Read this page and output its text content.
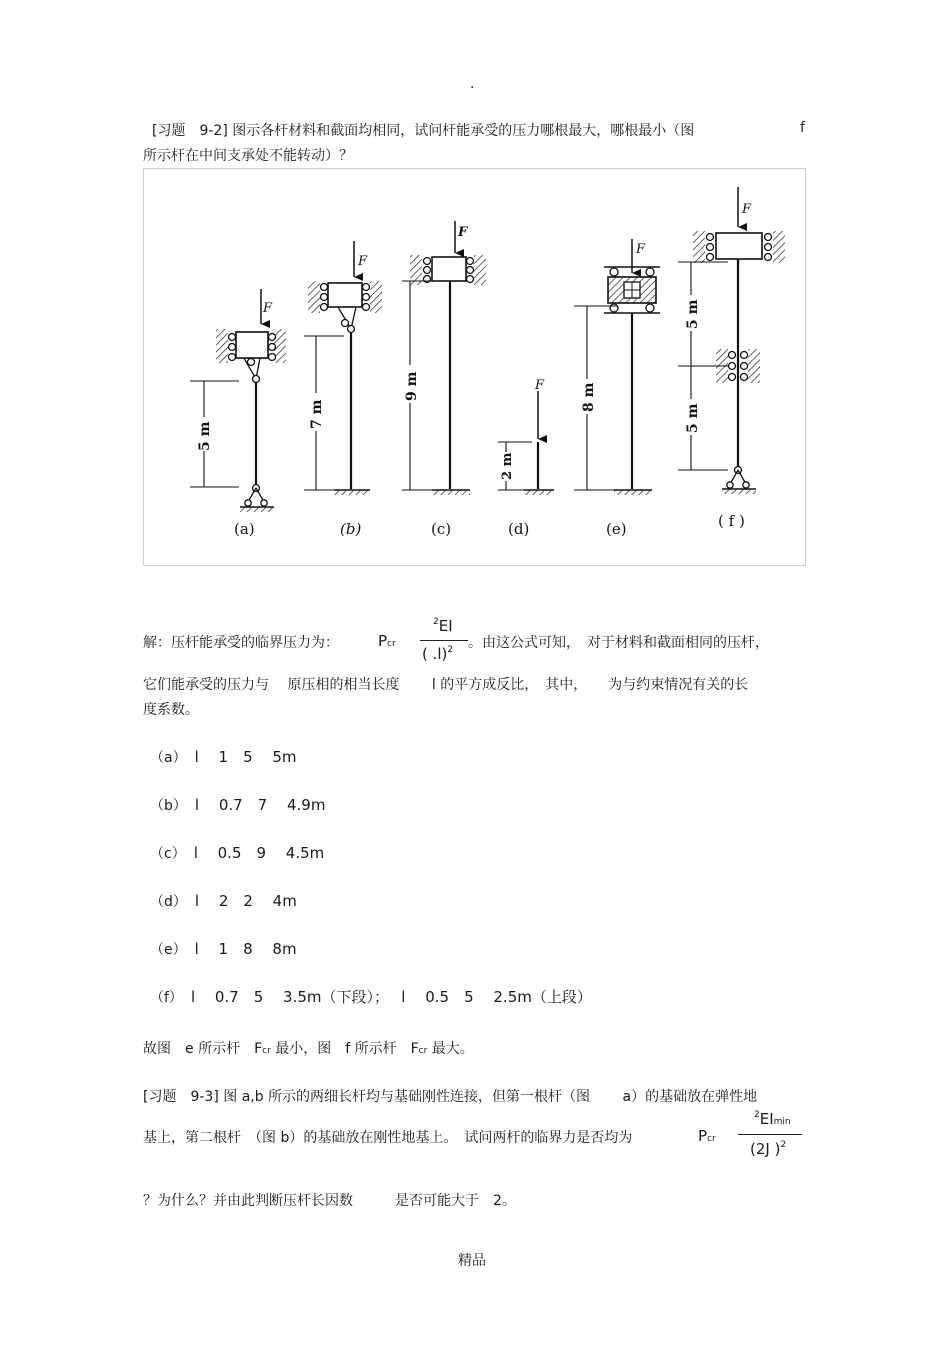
.
[习题　9-2] 图示各杆材料和截面均相同，试问杆能承受的压力哪根最大，哪根最小（图	f
所示杆在中间支承处不能转动）？
F
5 m
(a)
F
7 m
(b)
F
9 m
(c)
F
2 m
(d)
F
8 m
(e)
F
5 m
5 m
( f )
解：压杆能承受的临界压力为：	Pcr
$^2$EI
( .l)$^2$ 。由这公式可知，　对于材料和截面相同的压杆，
它们能承受的压力与　 原压相的相当长度　　 l 的平方成反比，　其中，　　为与约束情况有关的长
度系数。
（a） l　 1　5　 5m
（b） l　 0.7　7　 4.9m
（c） l　 0.5　9　 4.5m
（d） l　 2　2　 4m
（e） l　 1　8　 8m
（f） l　 0.7　5　 3.5m（下段）；　 l　 0.5　5　 2.5m（上段）
故图　e 所示杆　Fcr 最小，图　f 所示杆　Fcr 最大。
[习题　9-3] 图 a,b 所示的两细长杆均与基础刚性连接，但第一根杆（图　　 a）的基础放在弹性地
基上，第二根杆　（图 b）的基础放在刚性地基上。　试问两杆的临界力是否均为	Pcr
$^2$EImin
(2J )$^2$
？为什么？并由此判断压杆长因数　　　是否可能大于　2。
精品
